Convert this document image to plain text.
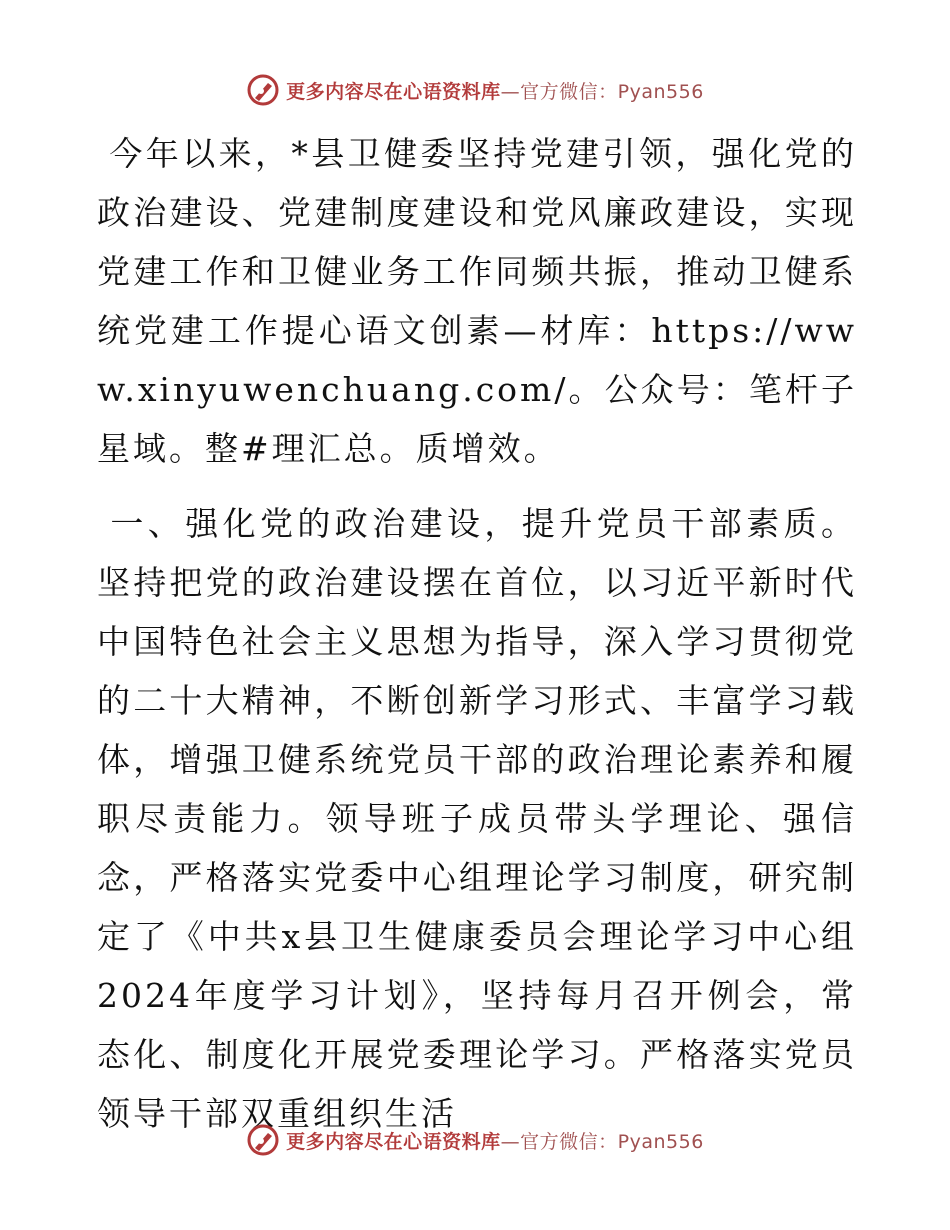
更多内容尽在心语资料库—官方微信：Pyan556

今年以来，*县卫健委坚持党建引领，强化党的政治建设、党建制度建设和党风廉政建设，实现党建工作和卫健业务工作同频共振，推动卫健系统党建工作提心语文创素—材库：https://www.xinyuwenchuang.com/。公众号：笔杆子星域。整#理汇总。质增效。

一、强化党的政治建设，提升党员干部素质。坚持把党的政治建设摆在首位，以习近平新时代中国特色社会主义思想为指导，深入学习贯彻党的二十大精神，不断创新学习形式、丰富学习载体，增强卫健系统党员干部的政治理论素养和履职尽责能力。领导班子成员带头学理论、强信念，严格落实党委中心组理论学习制度，研究制定了《中共x县卫生健康委员会理论学习中心组2024年度学习计划》，坚持每月召开例会，常态化、制度化开展党委理论学习。严格落实党员领导干部双重组织生活

更多内容尽在心语资料库—官方微信：Pyan556
